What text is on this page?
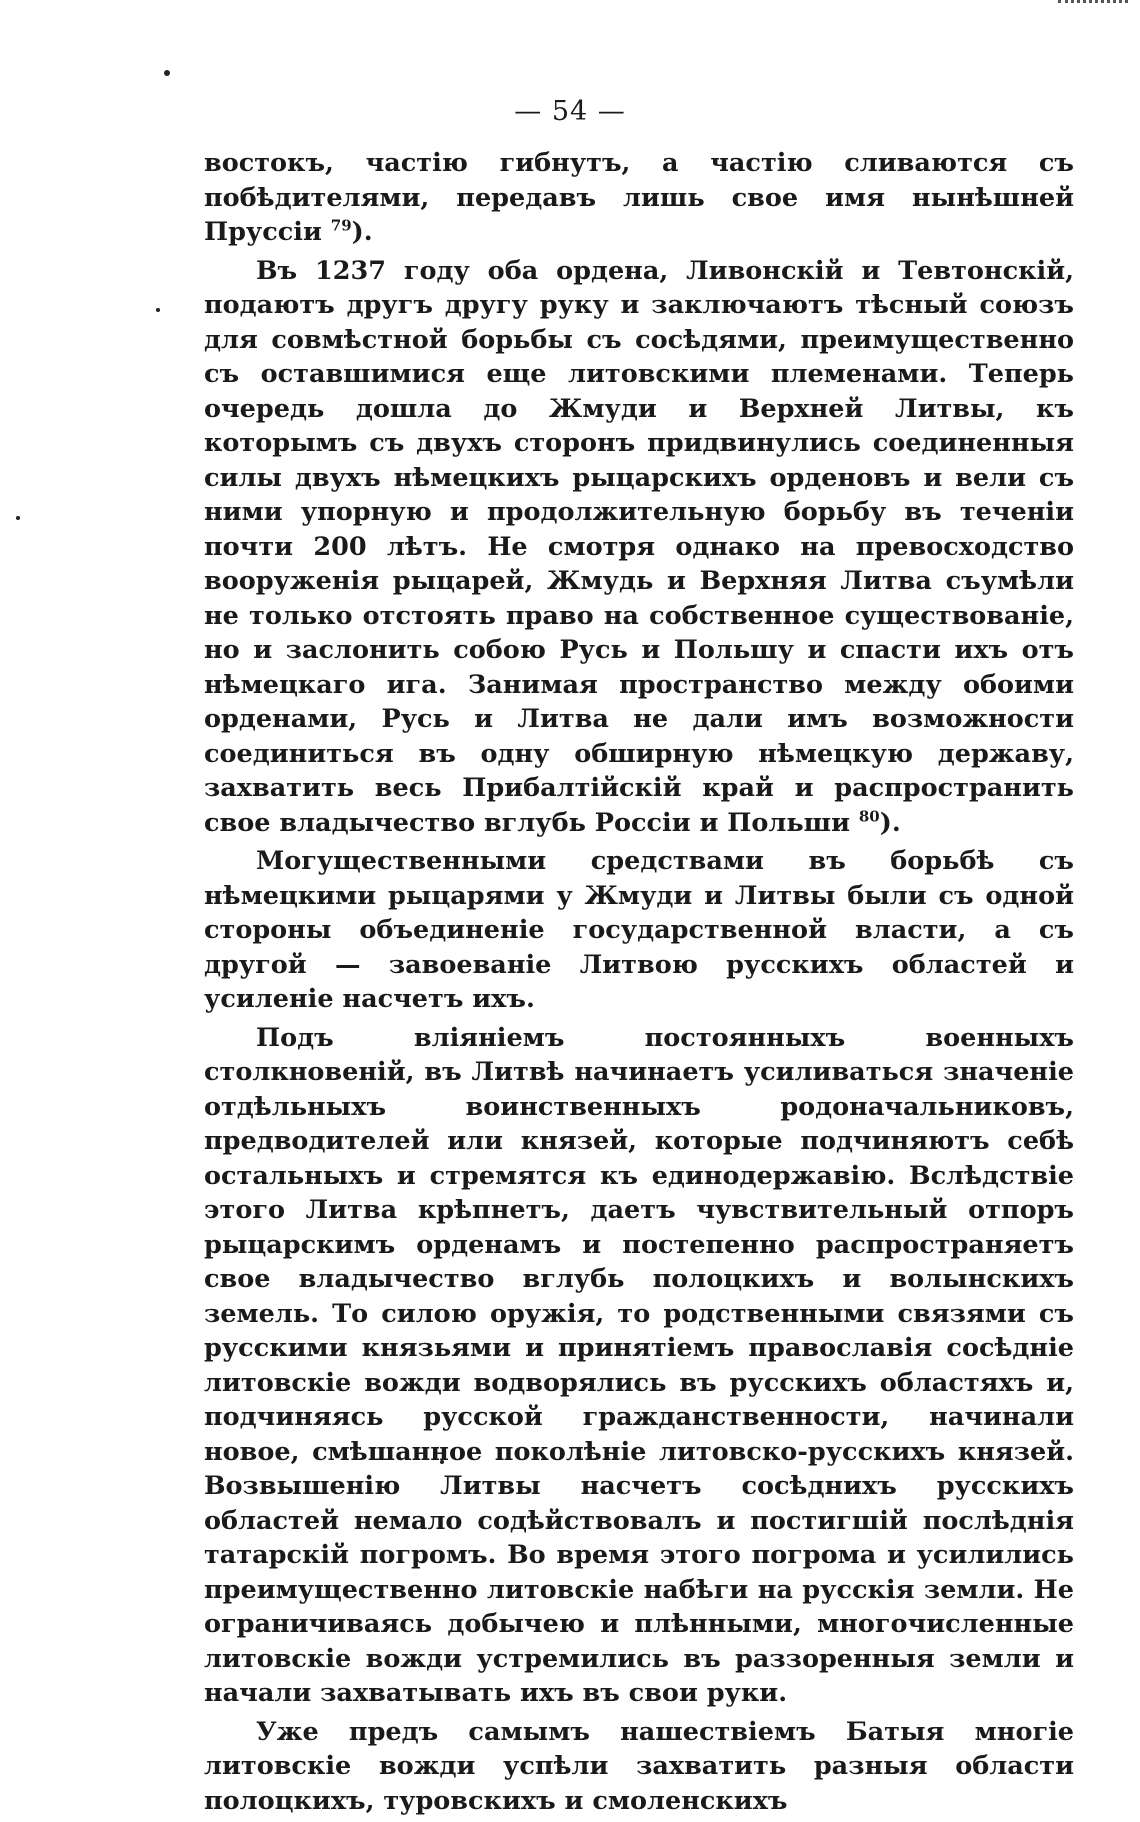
— 54 —

востокъ, частію гибнутъ, а частію сливаются съ побѣдителями, передавъ лишь свое имя нынѣшней Пруссіи $^{79}$).

Въ 1237 году оба ордена, Ливонскій и Тевтонскій, подаютъ другъ другу руку и заключаютъ тѣсный союзъ для совмѣстной борьбы съ сосѣдями, преимущественно съ оставшимися еще литовскими племенами. Теперь очередь дошла до Жмуди и Верхней Литвы, къ которымъ съ двухъ сторонъ придвинулись соединенныя силы двухъ нѣмецкихъ рыцарскихъ орденовъ и вели съ ними упорную и продолжительную борьбу въ теченіи почти 200 лѣтъ. Не смотря однако на превосходство вооруженія рыцарей, Жмудь и Верхняя Литва съумѣли не только отстоять право на собственное существованіе, но и заслонить собою Русь и Польшу и спасти ихъ отъ нѣмецкаго ига. Занимая пространство между обоими орденами, Русь и Литва не дали имъ возможности соединиться въ одну обширную нѣмецкую державу, захватить весь Прибалтійскій край и распространить свое владычество вглубь Россіи и Польши $^{80}$).

Могущественными средствами въ борьбѣ съ нѣмецкими рыцарями у Жмуди и Литвы были съ одной стороны объединеніе государственной власти, а съ другой — завоеваніе Литвою русскихъ областей и усиленіе насчетъ ихъ.

Подъ вліяніемъ постоянныхъ военныхъ столкновеній, въ Литвѣ начинаетъ усиливаться значеніе отдѣльныхъ воинственныхъ родоначальниковъ, предводителей или князей, которые подчиняютъ себѣ остальныхъ и стремятся къ единодержавію. Вслѣдствіе этого Литва крѣпнетъ, даетъ чувствительный отпоръ рыцарскимъ орденамъ и постепенно распространяетъ свое владычество вглубь полоцкихъ и волынскихъ земель. То силою оружія, то родственными связями съ русскими князьями и принятіемъ православія сосѣдніе литовскіе вожди водворялись въ русскихъ областяхъ и, подчиняясь русской гражданственности, начинали новое, смѣшанное поколѣніе литовско-русскихъ князей. Возвышенію Литвы насчетъ сосѣднихъ русскихъ областей немало содѣйствовалъ и постигшій послѣднія татарскій погромъ. Во время этого погрома и усилились преимущественно литовскіе набѣги на русскія земли. Не ограничиваясь добычею и плѣнными, многочисленные литовскіе вожди устремились въ раззоренныя земли и начали захватывать ихъ въ свои руки.

Уже предъ самымъ нашествіемъ Батыя многіе литовскіе вожди успѣли захватить разныя области полоцкихъ, туровскихъ и смоленскихъ
